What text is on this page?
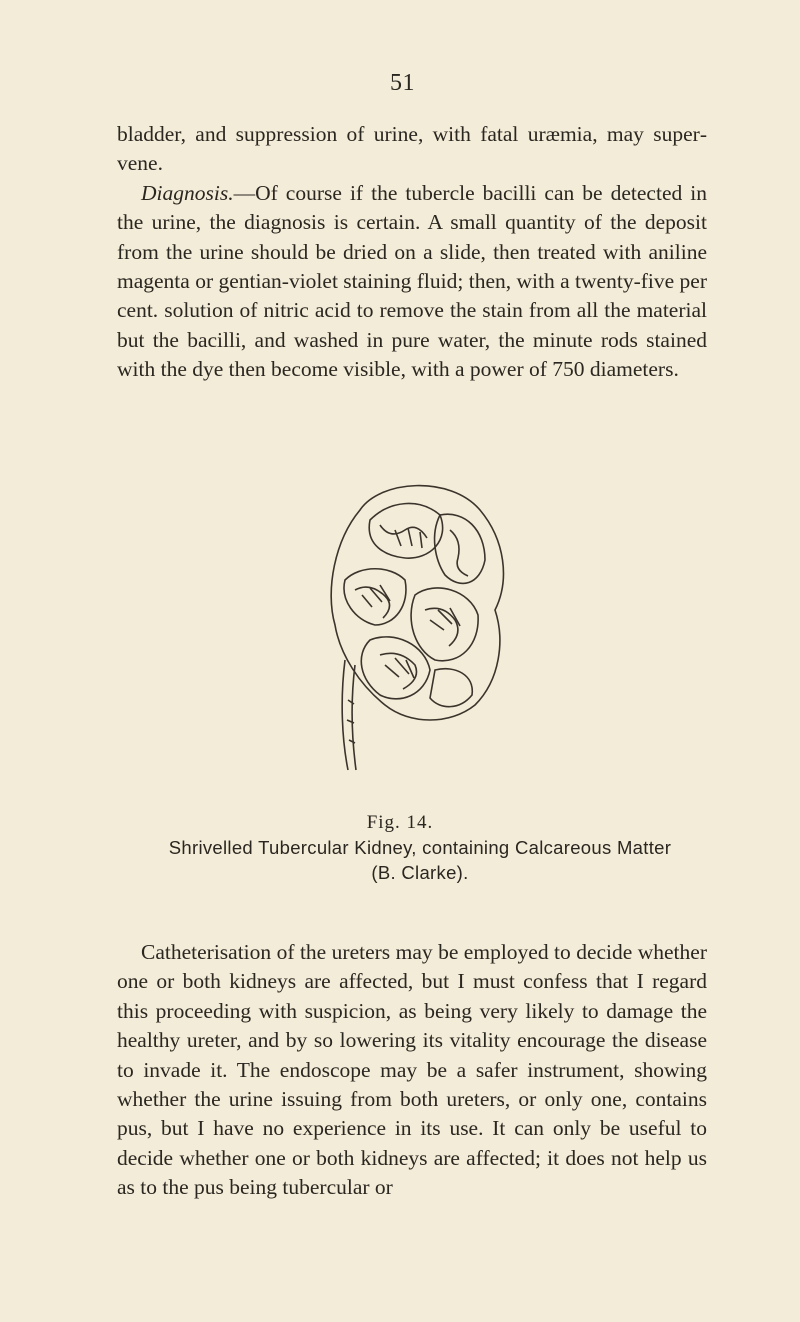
51

bladder, and suppression of urine, with fatal uræmia, may supervene.

Diagnosis.—Of course if the tubercle bacilli can be detected in the urine, the diagnosis is certain. A small quantity of the deposit from the urine should be dried on a slide, then treated with aniline magenta or gentian-violet staining fluid; then, with a twenty-five per cent. solution of nitric acid to remove the stain from all the material but the bacilli, and washed in pure water, the minute rods stained with the dye then become visible, with a power of 750 diameters.

Fig. 14.
Shrivelled Tubercular Kidney, containing Calcareous Matter
(B. Clarke).

Catheterisation of the ureters may be employed to decide whether one or both kidneys are affected, but I must confess that I regard this proceeding with suspicion, as being very likely to damage the healthy ureter, and by so lowering its vitality encourage the disease to invade it. The endoscope may be a safer instrument, showing whether the urine issuing from both ureters, or only one, contains pus, but I have no experience in its use. It can only be useful to decide whether one or both kidneys are affected; it does not help us as to the pus being tubercular or
